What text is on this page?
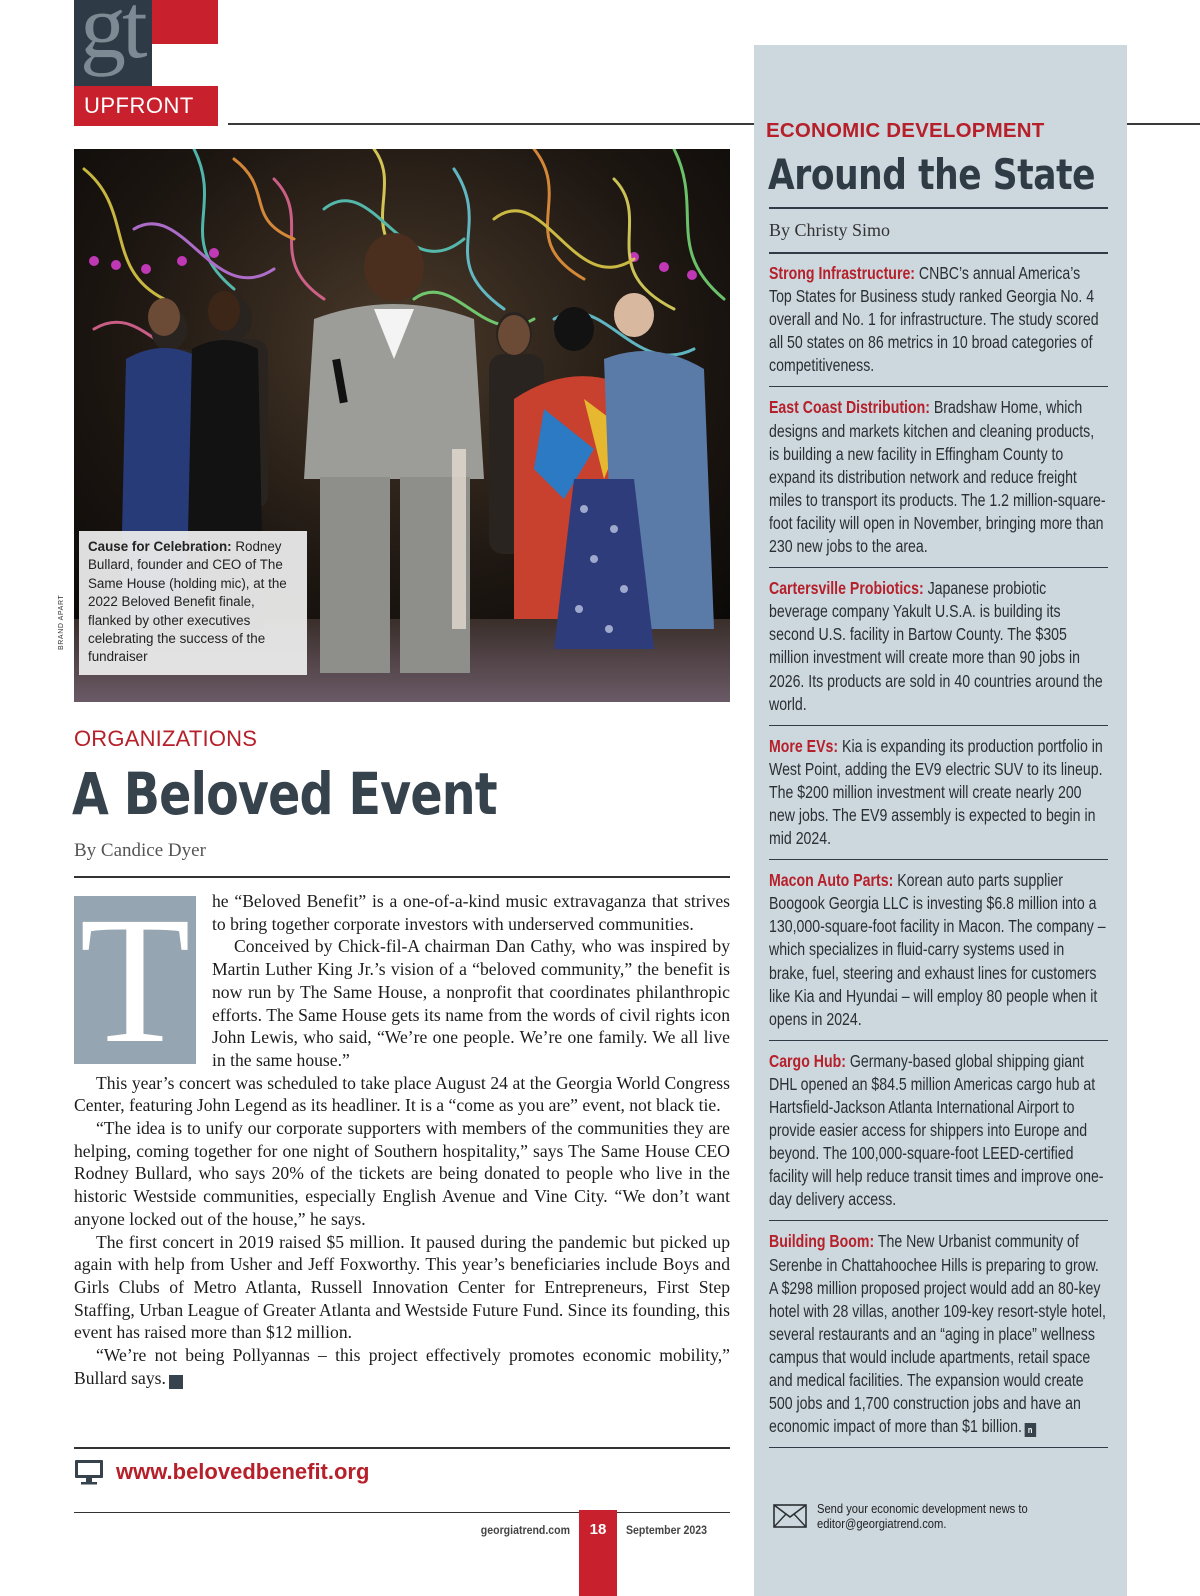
gt
UPFRONT
BRAND APART
Cause for Celebration: Rodney Bullard, founder and CEO of The Same House (holding mic), at the 2022 Beloved Benefit finale, flanked by other executives celebrating the success of the fundraiser
ORGANIZATIONS
A Beloved Event
By Candice Dyer
T	he “Beloved Benefit” is a one-of-a-kind music extravaganza that strives to bring together corporate investors with underserved communities.

Conceived by Chick-fil-A chairman Dan Cathy, who was inspired by Martin Luther King Jr.’s vision of a “beloved community,” the benefit is now run by The Same House, a nonprofit that coordinates philanthropic efforts. The Same House gets its name from the words of civil rights icon John Lewis, who said, “We’re one people. We’re one family. We all live in the same house.”

This year’s concert was scheduled to take place August 24 at the Georgia World Congress Center, featuring John Legend as its headliner. It is a “come as you are” event, not black tie.

“The idea is to unify our corporate supporters with members of the communities they are helping, coming together for one night of Southern hospitality,” says The Same House CEO Rodney Bullard, who says 20% of the tickets are being donated to people who live in the historic Westside communities, especially English Avenue and Vine City. “We don’t want anyone locked out of the house,” he says.

The first concert in 2019 raised $5 million. It paused during the pandemic but picked up again with help from Usher and Jeff Foxworthy. This year’s beneficiaries include Boys and Girls Clubs of Metro Atlanta, Russell Innovation Center for Entrepreneurs, First Step Staffing, Urban League of Greater Atlanta and Westside Future Fund. Since its founding, this event has raised more than $12 million.

“We’re not being Pollyannas – this project effectively promotes economic mobility,” Bullard says.	n

www.belovedbenefit.org
georgiatrend.com	18	September 2023
ECONOMIC DEVELOPMENT
Around the State
By Christy Simo

Strong Infrastructure: CNBC’s annual America’s Top States for Business study ranked Georgia No. 4 overall and No. 1 for infrastructure. The study scored all 50 states on 86 metrics in 10 broad categories of competitiveness.

East Coast Distribution: Bradshaw Home, which designs and markets kitchen and cleaning products, is building a new facility in Effingham County to expand its distribution network and reduce freight miles to transport its products. The 1.2 million-square-foot facility will open in November, bringing more than 230 new jobs to the area.

Cartersville Probiotics: Japanese probiotic beverage company Yakult U.S.A. is building its second U.S. facility in Bartow County. The $305 million investment will create more than 90 jobs in 2026. Its products are sold in 40 countries around the world.

More EVs: Kia is expanding its production portfolio in West Point, adding the EV9 electric SUV to its lineup. The $200 million investment will create nearly 200 new jobs. The EV9 assembly is expected to begin in mid 2024.

Macon Auto Parts: Korean auto parts supplier Boogook Georgia LLC is investing $6.8 million into a 130,000-square-foot facility in Macon. The company – which specializes in fluid-carry systems used in brake, fuel, steering and exhaust lines for customers like Kia and Hyundai – will employ 80 people when it opens in 2024.

Cargo Hub: Germany-based global shipping giant DHL opened an $84.5 million Americas cargo hub at Hartsfield-Jackson Atlanta International Airport to provide easier access for shippers into Europe and beyond. The 100,000-square-foot LEED-certified facility will help reduce transit times and improve one-day delivery access.

Building Boom: The New Urbanist community of Serenbe in Chattahoochee Hills is preparing to grow. A $298 million proposed project would add an 80-key hotel with 28 villas, another 109-key resort-style hotel, several restaurants and an “aging in place” wellness campus that would include apartments, retail space and medical facilities. The expansion would create 500 jobs and 1,700 construction jobs and have an economic impact of more than $1 billion. n

Send your economic development news to editor@georgiatrend.com.
